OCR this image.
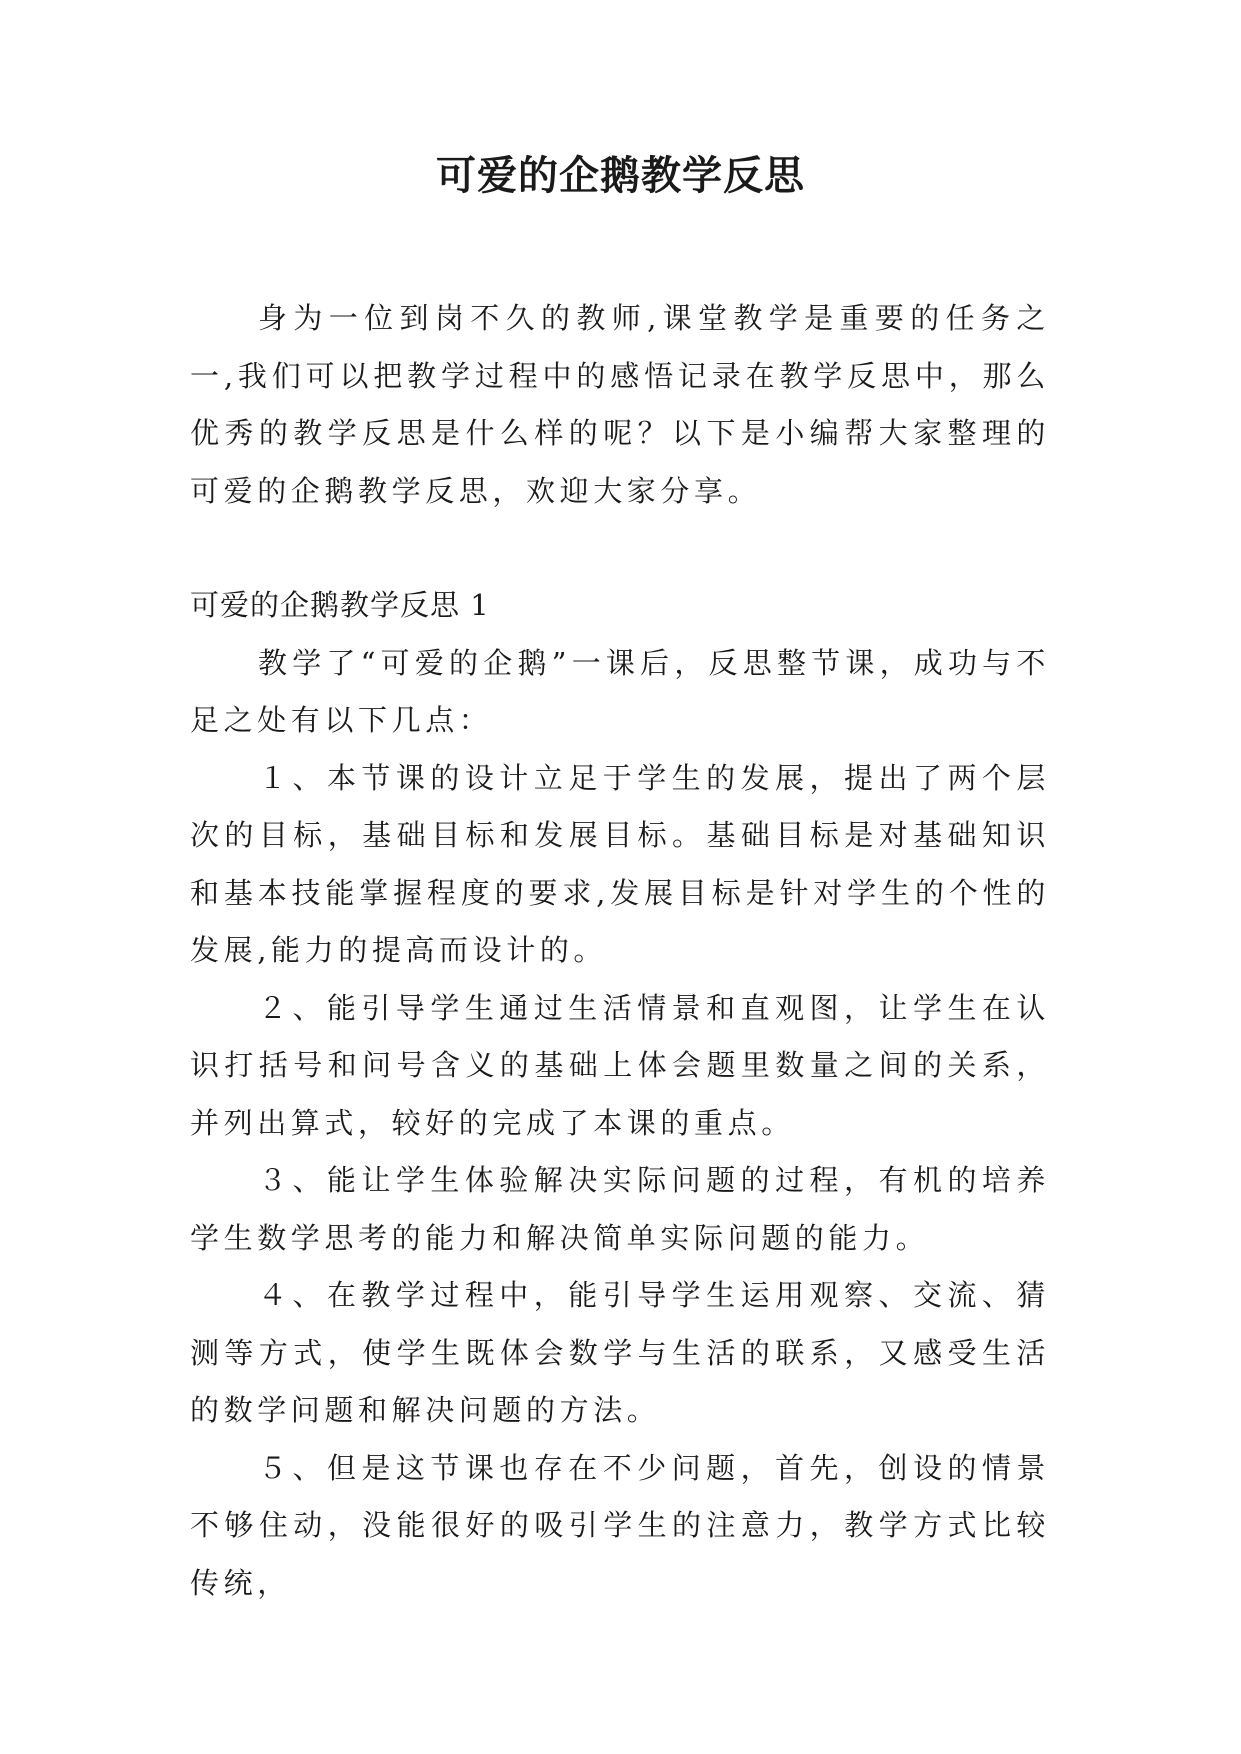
可爱的企鹅教学反思

身为一位到岗不久的教师,课堂教学是重要的任务之一,我们可以把教学过程中的感悟记录在教学反思中，那么优秀的教学反思是什么样的呢？以下是小编帮大家整理的可爱的企鹅教学反思，欢迎大家分享。

可爱的企鹅教学反思 1

教学了“可爱的企鹅”一课后，反思整节课，成功与不足之处有以下几点：

１、本节课的设计立足于学生的发展，提出了两个层次的目标，基础目标和发展目标。基础目标是对基础知识和基本技能掌握程度的要求,发展目标是针对学生的个性的发展,能力的提高而设计的。

２、能引导学生通过生活情景和直观图，让学生在认识打括号和问号含义的基础上体会题里数量之间的关系，并列出算式，较好的完成了本课的重点。

３、能让学生体验解决实际问题的过程，有机的培养学生数学思考的能力和解决简单实际问题的能力。

４、在教学过程中，能引导学生运用观察、交流、猜测等方式，使学生既体会数学与生活的联系，又感受生活的数学问题和解决问题的方法。

５、但是这节课也存在不少问题，首先，创设的情景不够住动，没能很好的吸引学生的注意力，教学方式比较传统，
